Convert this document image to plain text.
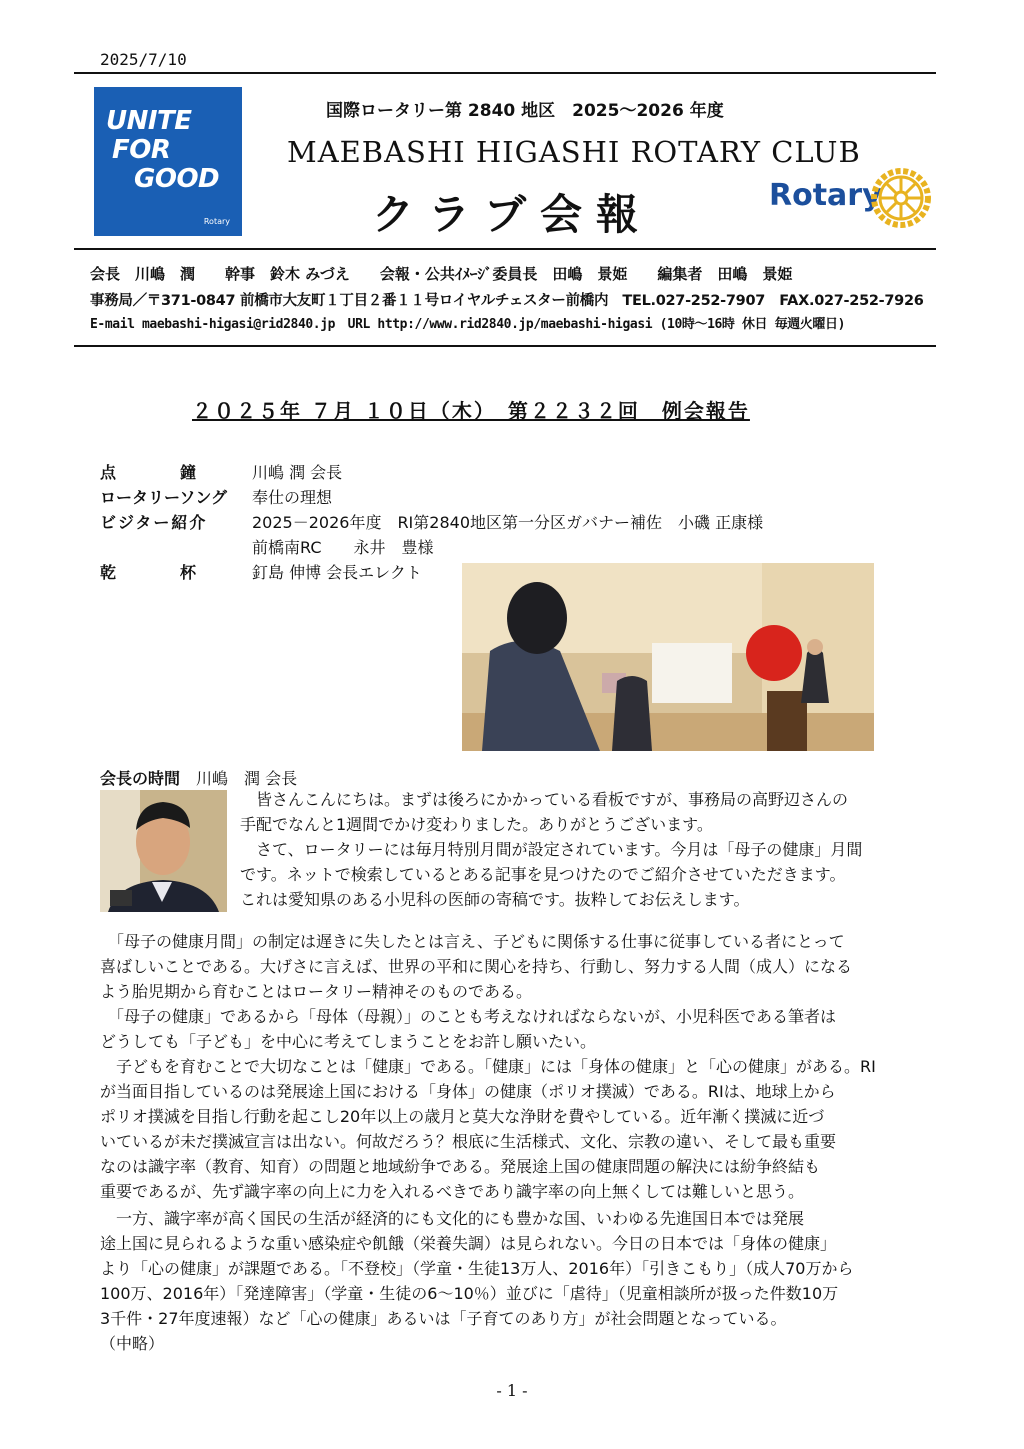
2025/7/10
UNITE
FOR
GOOD
Rotary
国際ロータリー第 2840 地区　2025～2026 年度
MAEBASHI HIGASHI ROTARY CLUB
クラブ会報	Rotary
会長　川嶋　潤　　幹事　鈴木 みづえ　　会報・公共ｲﾒｰｼﾞ委員長　田嶋　景姫　　編集者　田嶋　景姫
事務局／〒371-0847 前橋市大友町１丁目２番１１号ロイヤルチェスター前橋内　TEL.027-252-7907　FAX.027-252-7926
E-mail maebashi-higasi@rid2840.jp　URL http://www.rid2840.jp/maebashi-higasi (10時～16時 休日 毎週火曜日)
２０２５年 ７月 １０日（木）　第２２３２回　例会報告
点　　　鐘	川嶋 潤 会長
ロータリーソング 奉仕の理想
ビジター紹介	2025－2026年度　RI第2840地区第一分区ガバナー補佐　小磯 正康様
前橋南RC　　永井　豊様
乾　　　杯	釘島 伸博 会長エレクト
会長の時間　 川嶋　潤 会長
　皆さんこんにちは。まずは後ろにかかっている看板ですが、事務局の高野辺さんの
手配でなんと1週間でかけ変わりました。ありがとうございます。
　さて、ロータリーには毎月特別月間が設定されています。今月は「母子の健康」月間
です。ネットで検索しているとある記事を見つけたのでご紹介させていただきます。
これは愛知県のある小児科の医師の寄稿です。抜粋してお伝えします。
　「母子の健康月間」の制定は遅きに失したとは言え、子どもに関係する仕事に従事している者にとって
喜ばしいことである。大げさに言えば、世界の平和に関心を持ち、行動し、努力する人間（成人）になる
よう胎児期から育むことはロータリー精神そのものである。
　「母子の健康」であるから「母体（母親）」のことも考えなければならないが、小児科医である筆者は
どうしても「子ども」を中心に考えてしまうことをお許し願いたい。
　子どもを育むことで大切なことは「健康」である。「健康」には「身体の健康」と「心の健康」がある。RI
が当面目指しているのは発展途上国における「身体」の健康（ポリオ撲滅）である。RIは、地球上から
ポリオ撲滅を目指し行動を起こし20年以上の歳月と莫大な浄財を費やしている。近年漸く撲滅に近づ
いているが未だ撲滅宣言は出ない。何故だろう？根底に生活様式、文化、宗教の違い、そして最も重要
なのは識字率（教育、知育）の問題と地域紛争である。発展途上国の健康問題の解決には紛争終結も
重要であるが、先ず識字率の向上に力を入れるべきであり識字率の向上無くしては難しいと思う。
　一方、識字率が高く国民の生活が経済的にも文化的にも豊かな国、いわゆる先進国日本では発展
途上国に見られるような重い感染症や飢餓（栄養失調）は見られない。今日の日本では「身体の健康」
より「心の健康」が課題である。「不登校」（学童・生徒13万人、2016年）「引きこもり」（成人70万から
100万、2016年）「発達障害」（学童・生徒の6～10％）並びに「虐待」（児童相談所が扱った件数10万
3千件・27年度速報）など「心の健康」あるいは「子育てのあり方」が社会問題となっている。
（中略）
- 1 -
